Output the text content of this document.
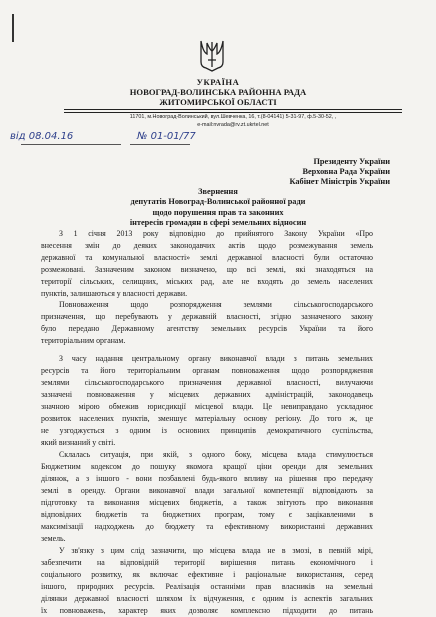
УКРАЇНА
НОВОГРАД-ВОЛИНСЬКА РАЙОННА РАДА
ЖИТОМИРСЬКОЇ ОБЛАСТІ
11701, м.Новоград-Волинський, вул.Шевченка, 16, т.(8-04141) 5-31-97, ф.5-30-52, ,
e-mail:nvrada@rv.zt.ukrtel.net
від 08.04.16	№ 01-01/77
Президенту України
Верховна Рада України
Кабінет Міністрів України
Звернення
депутатів Новоград-Волинської районної ради
щодо порушення прав та законних
інтересів громадян в сфері земельних відносин
З 1 січня 2013 року відповідно до прийнятого Закону України «Про
внесення змін до деяких законодавчих актів щодо розмежування земель
державної та комунальної власності» землі державної власності були остаточно
розмежовані. Зазначеним законом визначено, що всі землі, які знаходяться на
території сільських, селищних, міських рад, але не входять до земель населених
пунктів, залишаються у власності держави.
Повноваження щодо розпорядження землями сільськогосподарського
призначення, що перебувають у державній власності, згідно зазначеного закону
було передано Державному агентству земельних ресурсів України та його
територіальним органам.
З часу надання центральному органу виконавчої влади з питань земельних
ресурсів та його територіальним органам повноваження щодо розпорядження
землями сільськогосподарського призначення державної власності, вилучаючи
зазначені повноваження у місцевих державних адміністрацій, законодавець
значною мірою обмежив юрисдикції місцевої влади. Це невиправдано ускладнює
розвиток населених пунктів, зменшує матеріальну основу регіону. До того ж, це
не узгоджується з одним із основних принципів демократичного суспільства,
який визнаний у світі.
Склалась ситуація, при якій, з одного боку, місцева влада стимулюється
Бюджетним кодексом до пошуку якомога кращої ціни оренди для земельних
ділянок, а з іншого - вони позбавлені будь-якого впливу на рішення про передачу
землі в оренду. Органи виконавчої влади загальної компетенції відповідають за
підготовку та виконання місцевих бюджетів, а також звітують про виконання
відповідних бюджетів та бюджетних програм, тому є зацікавленими в
максимізації надходжень до бюджету та ефективному використанні державних
земель.
У зв'язку з цим слід зазначити, що місцева влада не в змозі, в певній мірі,
забезпечити на відповідній території вирішення питань економічного і
соціального розвитку, як включає ефективне і раціональне використання, серед
іншого, природних ресурсів. Реалізація останніми прав власників на земельні
ділянки державної власності шляхом їх відчуження, є одним із аспектів загальних
їх повноважень, характер яких дозволяє комплексно підходити до питань
